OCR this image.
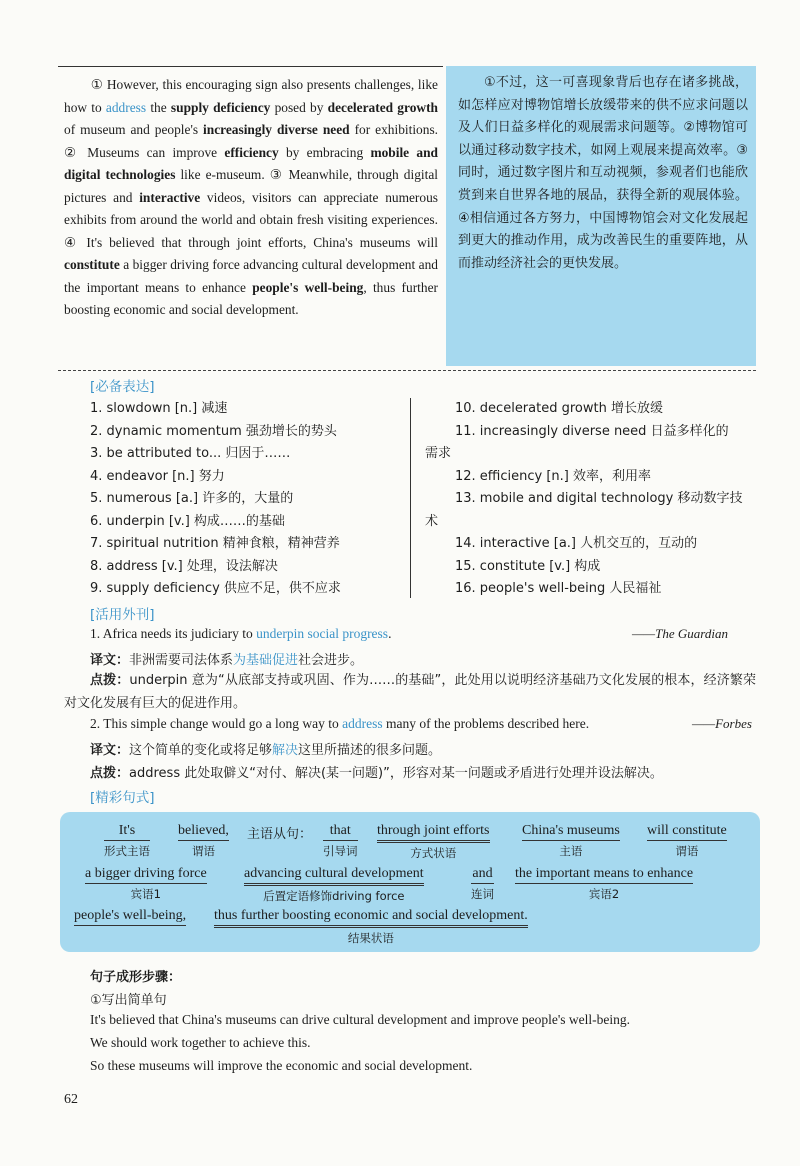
① However, this encouraging sign also presents challenges, like how to address the supply deficiency posed by decelerated growth of museum and people's increasingly diverse need for exhibitions. ② Museums can improve efficiency by embracing mobile and digital technologies like e-museum. ③ Meanwhile, through digital pictures and interactive videos, visitors can appreciate numerous exhibits from around the world and obtain fresh visiting experiences. ④ It's believed that through joint efforts, China's museums will constitute a bigger driving force advancing cultural development and the important means to enhance people's well-being, thus further boosting economic and social development.
①不过，这一可喜现象背后也存在诸多挑战，如怎样应对博物馆增长放缓带来的供不应求问题以及人们日益多样化的观展需求问题等。②博物馆可以通过移动数字技术，如网上观展来提高效率。③同时，通过数字图片和互动视频，参观者们也能欣赏到来自世界各地的展品，获得全新的观展体验。④相信通过各方努力，中国博物馆会对文化发展起到更大的推动作用，成为改善民生的重要阵地，从而推动经济社会的更快发展。
[必备表达]
1. slowdown [n.] 减速
2. dynamic momentum 强劲增长的势头
3. be attributed to... 归因于……
4. endeavor [n.] 努力
5. numerous [a.] 许多的，大量的
6. underpin [v.] 构成……的基础
7. spiritual nutrition 精神食粮，精神营养
8. address [v.] 处理，设法解决
9. supply deficiency 供应不足，供不应求
10. decelerated growth 增长放缓
11. increasingly diverse need 日益多样化的
需求
12. efficiency [n.] 效率，利用率
13. mobile and digital technology 移动数字技
术
14. interactive [a.] 人机交互的，互动的
15. constitute [v.] 构成
16. people's well-being 人民福祉
[活用外刊]
1. Africa needs its judiciary to underpin social progress.	——The Guardian
译文：非洲需要司法体系为基础促进社会进步。
点拨：underpin 意为“从底部支持或巩固、作为……的基础”，此处用以说明经济基础乃文化发展的根本，经济繁荣对文化发展有巨大的促进作用。
2. This simple change would go a long way to address many of the problems described here.	——Forbes
译文：这个简单的变化或将足够解决这里所描述的很多问题。
点拨：address 此处取僻义“对付、解决(某一问题)”，形容对某一问题或矛盾进行处理并设法解决。
[精彩句式]
It's
形式主语
believed,
谓语
主语从句：	that
引导词
through joint efforts
方式状语
China's museums
主语
will constitute
谓语
a bigger driving force
宾语1
advancing cultural development
后置定语修饰driving force
and
连词
the important means to enhance
宾语2
people's well-being, thus further boosting economic and social development.
结果状语
句子成形步骤：
①写出简单句
It's believed that China's museums can drive cultural development and improve people's well-being.
We should work together to achieve this.
So these museums will improve the economic and social development.
62
